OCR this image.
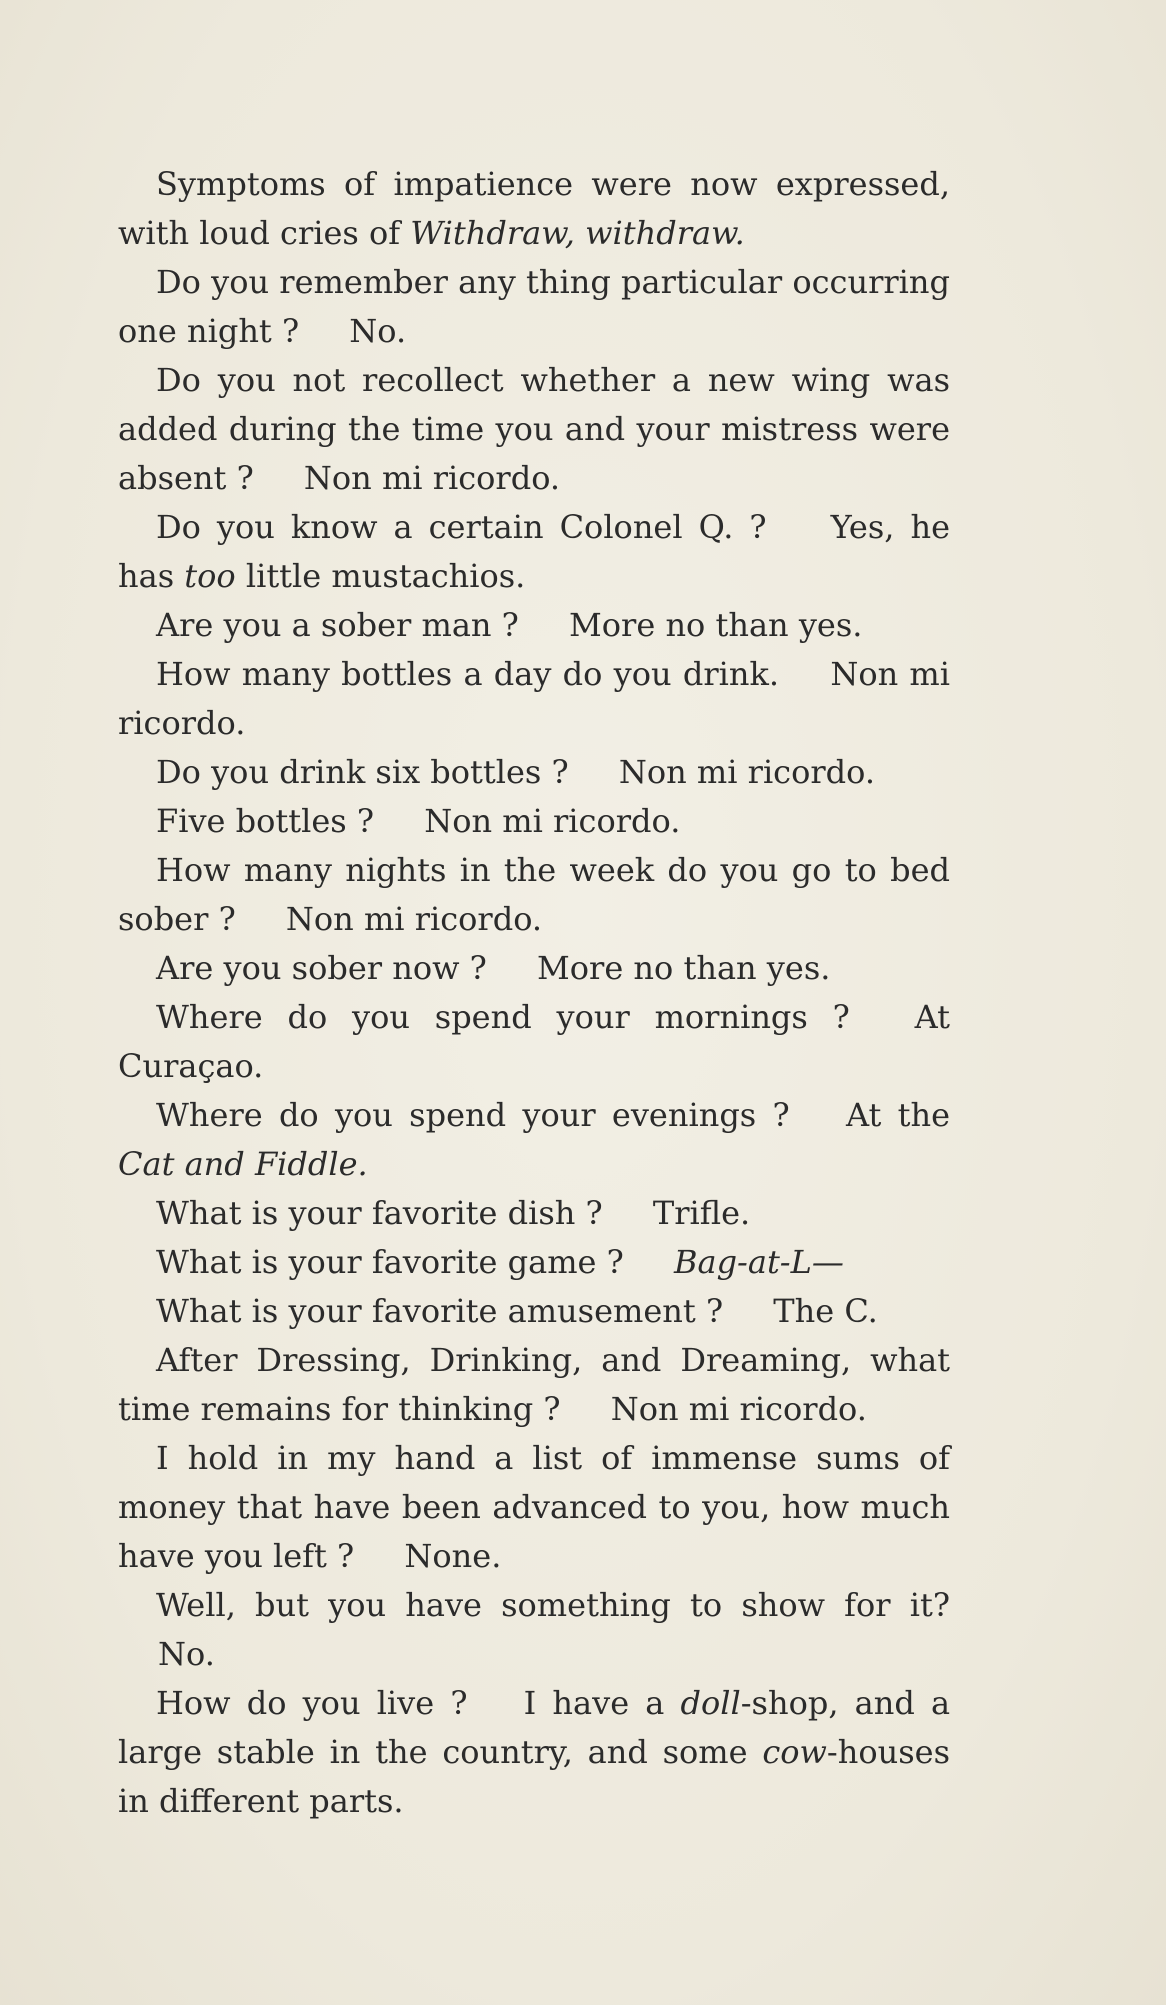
Symptoms of impatience were now expressed, with loud cries of Withdraw, withdraw.

Do you remember any thing particular occurring one night ? No.

Do you not recollect whether a new wing was added during the time you and your mistress were absent ? Non mi ricordo.

Do you know a certain Colonel Q. ?  Yes, he has too little mustachios.

Are you a sober man ? More no than yes.

How many bottles a day do you drink. Non mi ricordo.

Do you drink six bottles ? Non mi ricordo.

Five bottles ? Non mi ricordo.

How many nights in the week do you go to bed sober ? Non mi ricordo.

Are you sober now ? More no than yes.

Where do you spend your mornings ? At Curaçao.

Where do you spend your evenings ? At the Cat and Fiddle.

What is your favorite dish ? Trifle.

What is your favorite game ? Bag-at-L—

What is your favorite amusement ? The C.

After Dressing, Drinking, and Dreaming, what time remains for thinking ? Non mi ricordo.

I hold in my hand a list of immense sums of money that have been advanced to you, how much have you left ? None.

Well, but you have something to show for it? No.

How do you live ? I have a doll-shop, and a large stable in the country, and some cow-houses in different parts.
